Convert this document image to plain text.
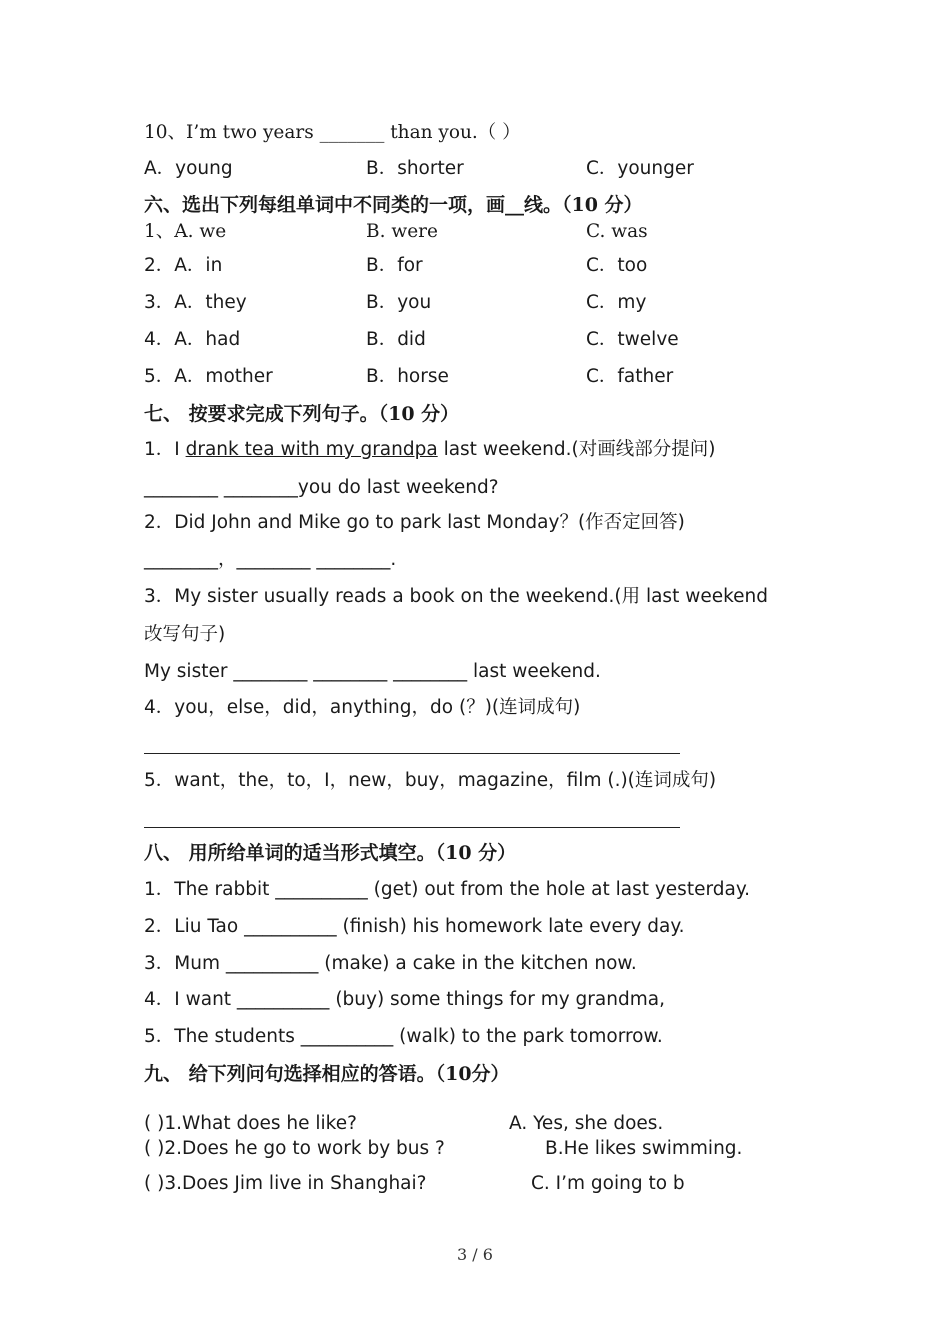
10、I’m two years _______ than you.（ ）
A．young	B．shorter	C．younger
六、选出下列每组单词中不同类的一项，画__线。（10 分）
1、A. we	B. were	C. was
2．A．in	B．for	C．too
3．A．they	B．you	C．my
4．A．had	B．did	C．twelve
5．A．mother	B．horse	C．father
七、 按要求完成下列句子。（10 分）
1．I drank tea with my grandpa last weekend.(对画线部分提问)
________ ________you do last weekend?
2．Did John and Mike go to park last Monday？(作否定回答)
________，________ ________.
3．My sister usually reads a book on the weekend.(用 last weekend
改写句子)
My sister ________ ________ ________ last weekend.
4．you，else，did，anything，do (？)(连词成句)
5．want，the，to，I，new，buy，magazine，film (.)(连词成句)
八、 用所给单词的适当形式填空。（10 分）
1．The rabbit __________ (get) out from the hole at last yesterday.
2．Liu Tao __________ (finish) his homework late every day.
3．Mum __________ (make) a cake in the kitchen now.
4．I want __________ (buy) some things for my grandma,
5．The students __________ (walk) to the park tomorrow.
九、 给下列问句选择相应的答语。（10分）
( )1.What does he like?	A. Yes, she does.
( )2.Does he go to work by bus ?	B.He likes swimming.
( )3.Does Jim live in Shanghai?	C. I’m going to b
3 / 6
